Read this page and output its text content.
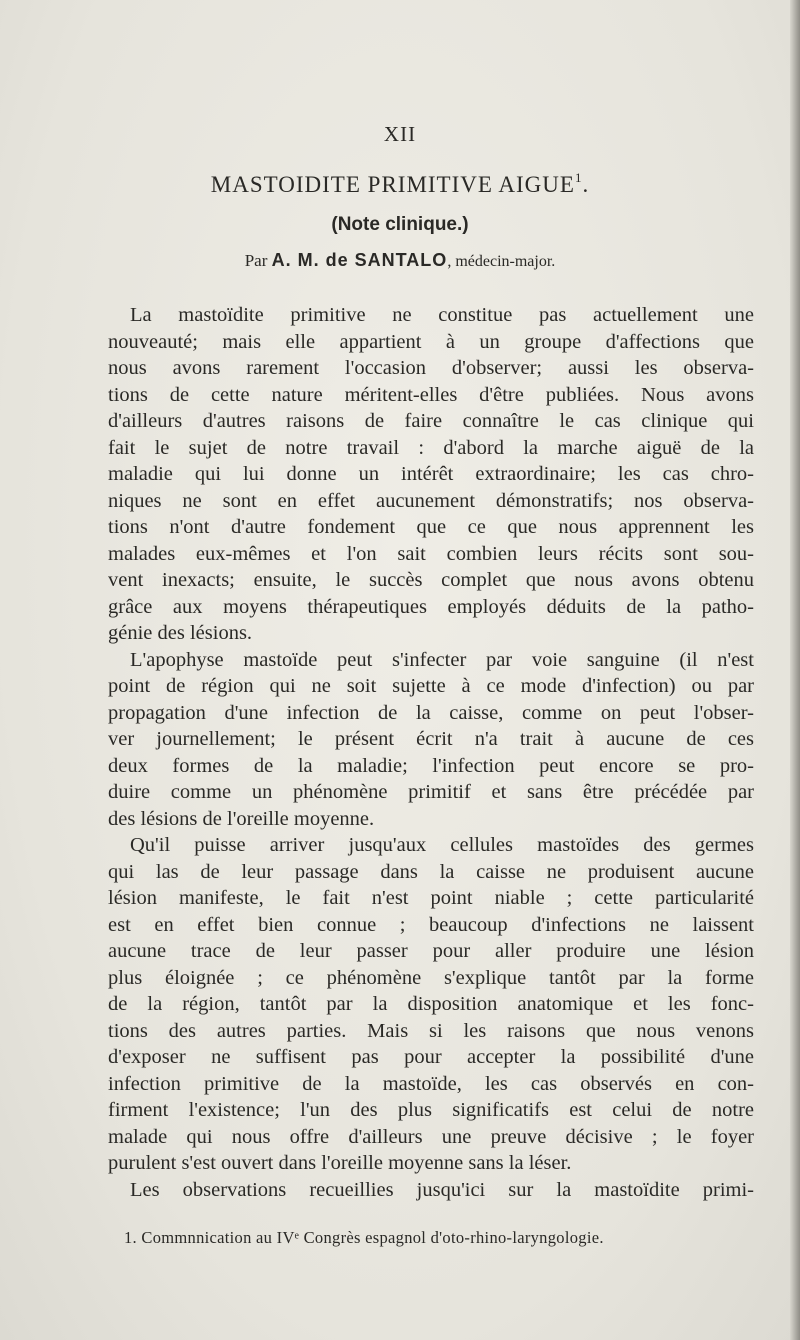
XII
MASTOIDITE PRIMITIVE AIGUE$^1$.
(Note clinique.)
Par A. M. de SANTALO, médecin-major.
La mastoïdite primitive ne constitue pas actuellement une
nouveauté; mais elle appartient à un groupe d'affections que
nous avons rarement l'occasion d'observer; aussi les observa-
tions de cette nature méritent-elles d'être publiées. Nous avons
d'ailleurs d'autres raisons de faire connaître le cas clinique qui
fait le sujet de notre travail : d'abord la marche aiguë de la
maladie qui lui donne un intérêt extraordinaire; les cas chro-
niques ne sont en effet aucunement démonstratifs; nos observa-
tions n'ont d'autre fondement que ce que nous apprennent les
malades eux-mêmes et l'on sait combien leurs récits sont sou-
vent inexacts; ensuite, le succès complet que nous avons obtenu
grâce aux moyens thérapeutiques employés déduits de la patho-
génie des lésions.
L'apophyse mastoïde peut s'infecter par voie sanguine (il n'est
point de région qui ne soit sujette à ce mode d'infection) ou par
propagation d'une infection de la caisse, comme on peut l'obser-
ver journellement; le présent écrit n'a trait à aucune de ces
deux formes de la maladie; l'infection peut encore se pro-
duire comme un phénomène primitif et sans être précédée par
des lésions de l'oreille moyenne.
Qu'il puisse arriver jusqu'aux cellules mastoïdes des germes
qui las de leur passage dans la caisse ne produisent aucune
lésion manifeste, le fait n'est point niable ; cette particularité
est en effet bien connue ; beaucoup d'infections ne laissent
aucune trace de leur passer pour aller produire une lésion
plus éloignée ; ce phénomène s'explique tantôt par la forme
de la région, tantôt par la disposition anatomique et les fonc-
tions des autres parties. Mais si les raisons que nous venons
d'exposer ne suffisent pas pour accepter la possibilité d'une
infection primitive de la mastoïde, les cas observés en con-
firment l'existence; l'un des plus significatifs est celui de notre
malade qui nous offre d'ailleurs une preuve décisive ; le foyer
purulent s'est ouvert dans l'oreille moyenne sans la léser.
Les observations recueillies jusqu'ici sur la mastoïdite primi-
1. Commnnication au IVᵉ Congrès espagnol d'oto-rhino-laryngologie.
